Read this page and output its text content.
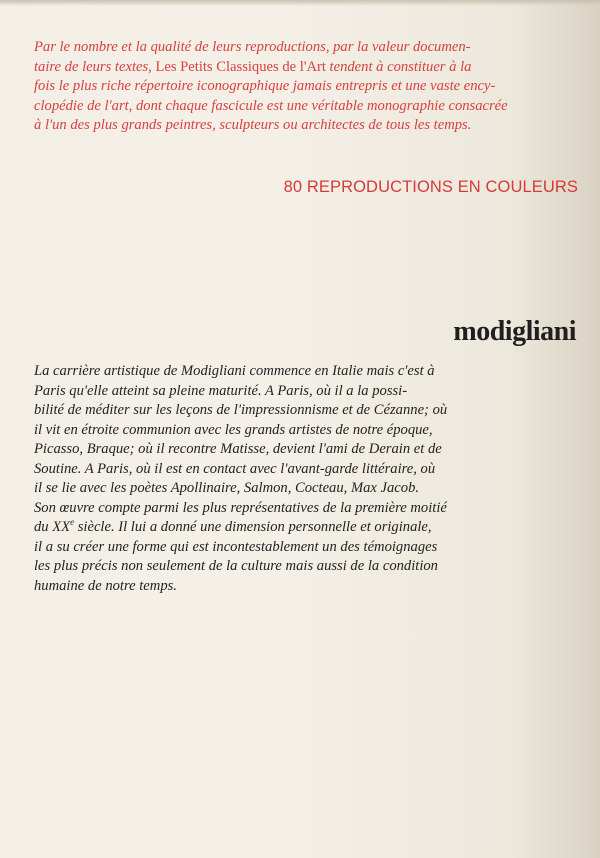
Par le nombre et la qualité de leurs reproductions, par la valeur documen-
taire de leurs textes, Les Petits Classiques de l'Art tendent à constituer à la
fois le plus riche répertoire iconographique jamais entrepris et une vaste ency-
clopédie de l'art, dont chaque fascicule est une véritable monographie consacrée
à l'un des plus grands peintres, sculpteurs ou architectes de tous les temps.

80 REPRODUCTIONS EN COULEURS

modigliani

La carrière artistique de Modigliani commence en Italie mais c'est à
Paris qu'elle atteint sa pleine maturité. A Paris, où il a la possi-
bilité de méditer sur les leçons de l'impressionnisme et de Cézanne; où
il vit en étroite communion avec les grands artistes de notre époque,
Picasso, Braque; où il recontre Matisse, devient l'ami de Derain et de
Soutine. A Paris, où il est en contact avec l'avant-garde littéraire, où
il se lie avec les poètes Apollinaire, Salmon, Cocteau, Max Jacob.
Son œuvre compte parmi les plus représentatives de la première moitié
du XXe siècle. Il lui a donné une dimension personnelle et originale,
il a su créer une forme qui est incontestablement un des témoignages
les plus précis non seulement de la culture mais aussi de la condition
humaine de notre temps.
